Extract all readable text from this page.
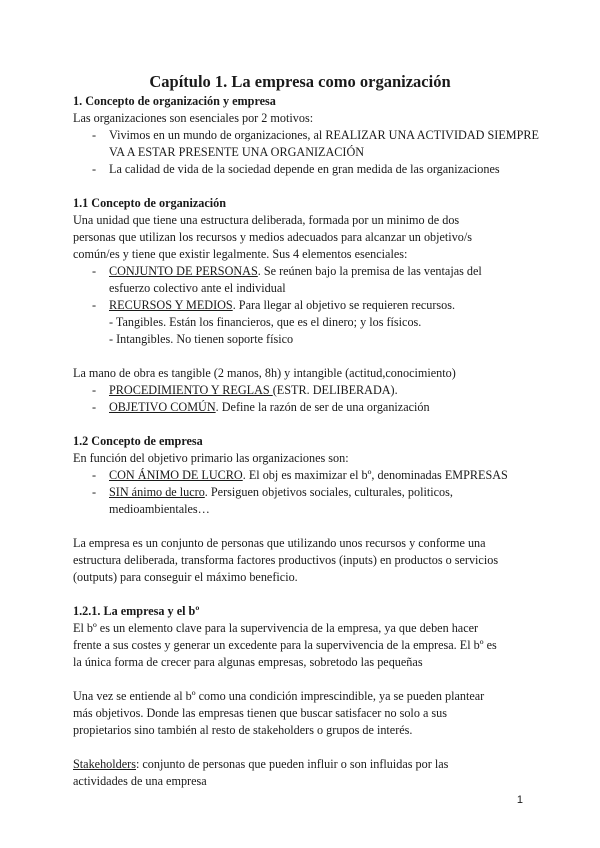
Capítulo 1. La empresa como organización
1. Concepto de organización y empresa
Las organizaciones son esenciales por 2 motivos:
- Vivimos en un mundo de organizaciones, al REALIZAR UNA ACTIVIDAD SIEMPRE
VA A ESTAR PRESENTE UNA ORGANIZACIÓN
- La calidad de vida de la sociedad depende en gran medida de las organizaciones
1.1 Concepto de organización
Una unidad que tiene una estructura deliberada, formada por un minimo de dos
personas que utilizan los recursos y medios adecuados para alcanzar un objetivo/s
común/es y tiene que existir legalmente. Sus 4 elementos esenciales:
- CONJUNTO DE PERSONAS. Se reúnen bajo la premisa de las ventajas del
esfuerzo colectivo ante el individual
- RECURSOS Y MEDIOS. Para llegar al objetivo se requieren recursos.
- Tangibles. Están los financieros, que es el dinero; y los físicos.
- Intangibles. No tienen soporte físico
La mano de obra es tangible (2 manos, 8h) y intangible (actitud,conocimiento)
- PROCEDIMIENTO Y REGLAS (ESTR. DELIBERADA).
- OBJETIVO COMÚN. Define la razón de ser de una organización
1.2 Concepto de empresa
En función del objetivo primario las organizaciones son:
- CON ÁNIMO DE LUCRO. El obj es maximizar el bº, denominadas EMPRESAS
- SIN ánimo de lucro. Persiguen objetivos sociales, culturales, politicos,
medioambientales…
La empresa es un conjunto de personas que utilizando unos recursos y conforme una
estructura deliberada, transforma factores productivos (inputs) en productos o servicios
(outputs) para conseguir el máximo beneficio.
1.2.1. La empresa y el bº
El bº es un elemento clave para la supervivencia de la empresa, ya que deben hacer
frente a sus costes y generar un excedente para la supervivencia de la empresa. El bº es
la única forma de crecer para algunas empresas, sobretodo las pequeñas
Una vez se entiende al bº como una condición imprescindible, ya se pueden plantear
más objetivos. Donde las empresas tienen que buscar satisfacer no solo a sus
propietarios sino también al resto de stakeholders o grupos de interés.
Stakeholders: conjunto de personas que pueden influir o son influidas por las
actividades de una empresa
1
